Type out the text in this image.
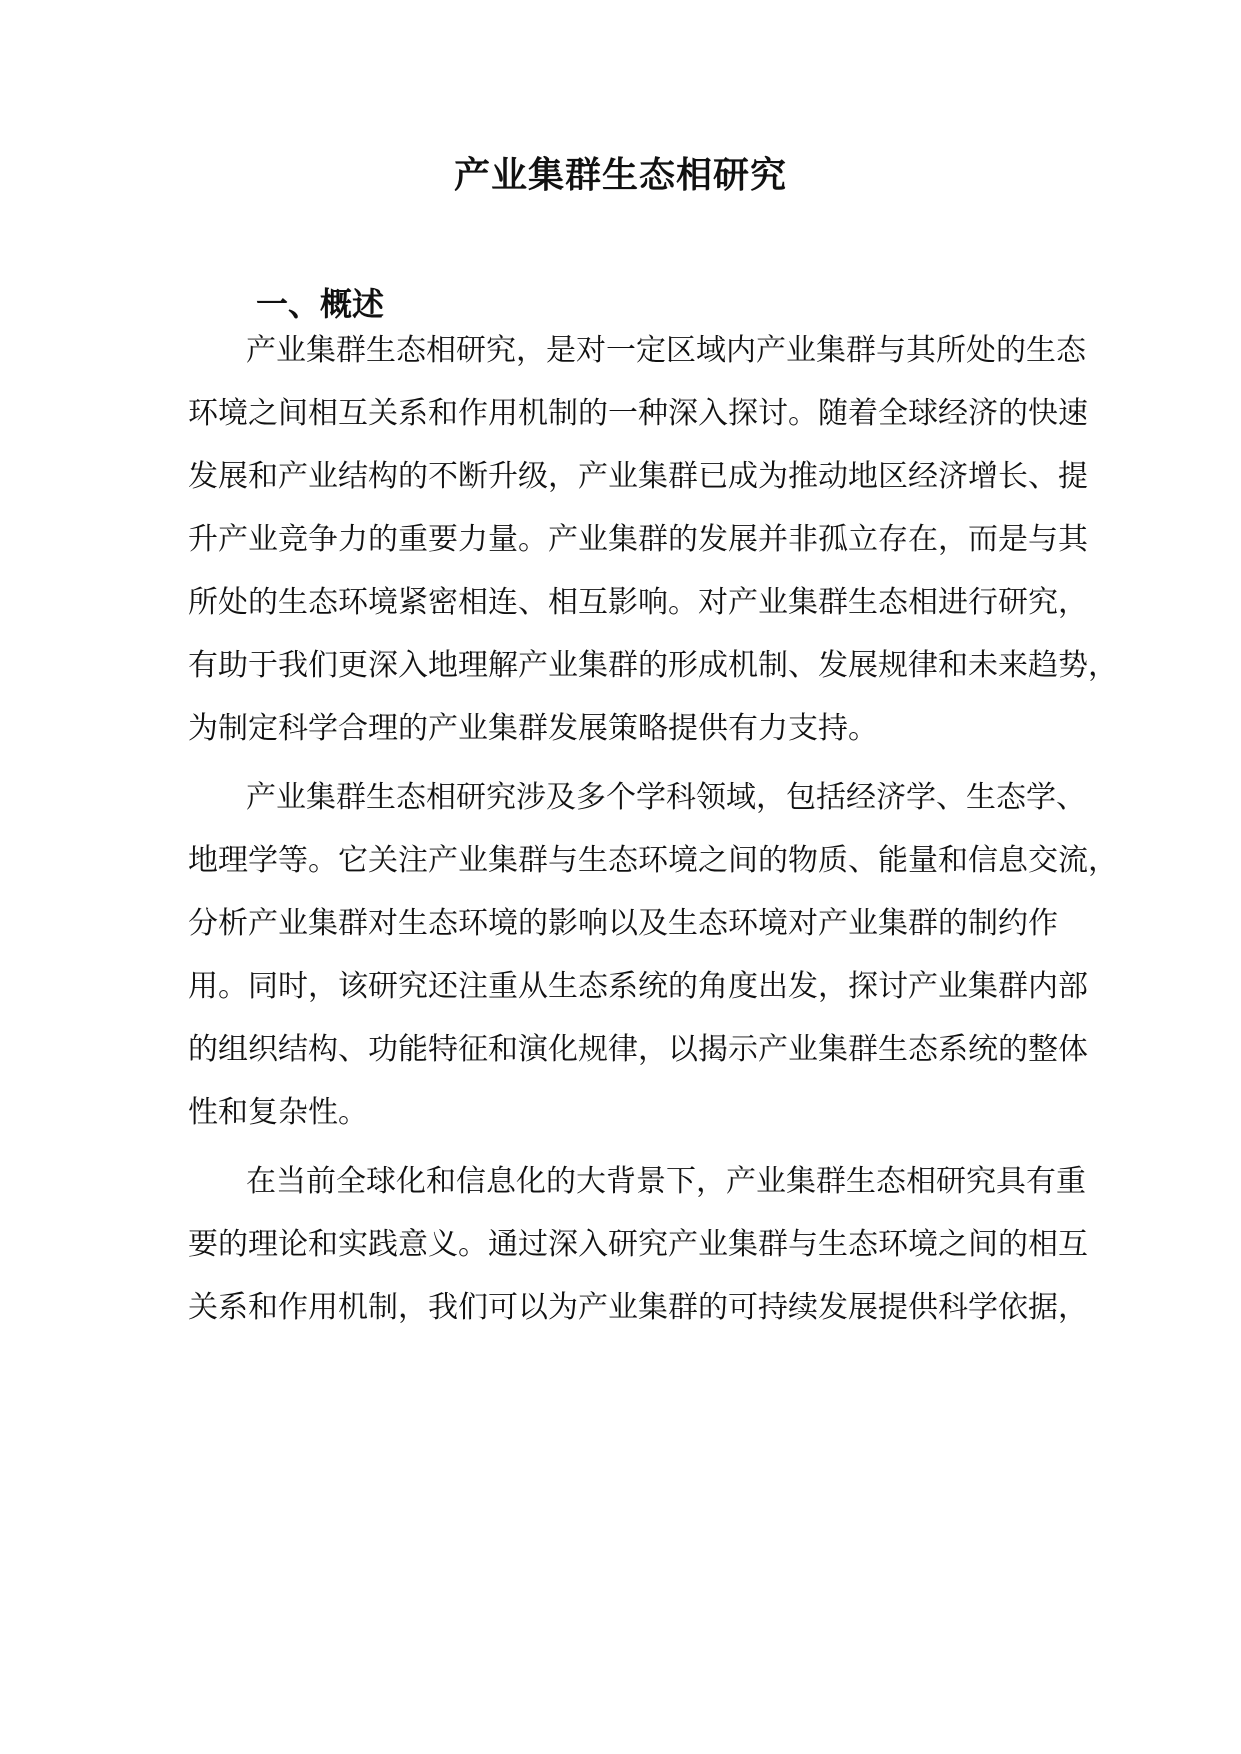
产业集群生态相研究
一、概述
产业集群生态相研究，是对一定区域内产业集群与其所处的生态
环境之间相互关系和作用机制的一种深入探讨。随着全球经济的快速
发展和产业结构的不断升级，产业集群已成为推动地区经济增长、提
升产业竞争力的重要力量。产业集群的发展并非孤立存在，而是与其
所处的生态环境紧密相连、相互影响。对产业集群生态相进行研究，
有助于我们更深入地理解产业集群的形成机制、发展规律和未来趋势，
为制定科学合理的产业集群发展策略提供有力支持。
产业集群生态相研究涉及多个学科领域，包括经济学、生态学、
地理学等。它关注产业集群与生态环境之间的物质、能量和信息交流，
分析产业集群对生态环境的影响以及生态环境对产业集群的制约作
用。同时，该研究还注重从生态系统的角度出发，探讨产业集群内部
的组织结构、功能特征和演化规律，以揭示产业集群生态系统的整体
性和复杂性。
在当前全球化和信息化的大背景下，产业集群生态相研究具有重
要的理论和实践意义。通过深入研究产业集群与生态环境之间的相互
关系和作用机制，我们可以为产业集群的可持续发展提供科学依据，
